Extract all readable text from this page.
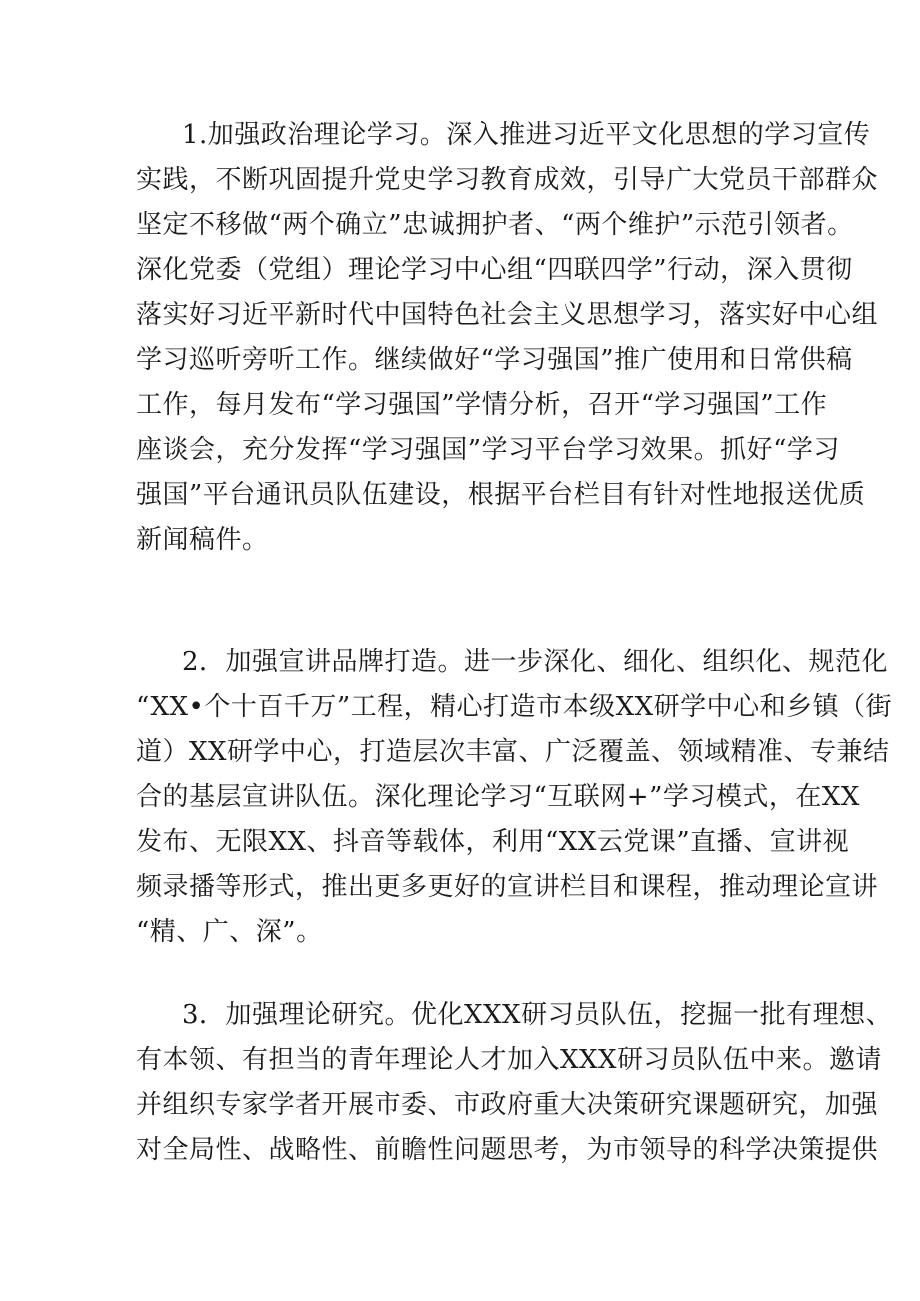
1.加强政治理论学习。深入推进习近平文化思想的学习宣传
实践，不断巩固提升党史学习教育成效，引导广大党员干部群众
坚定不移做“两个确立”忠诚拥护者、“两个维护”示范引领者。
深化党委（党组）理论学习中心组“四联四学”行动，深入贯彻
落实好习近平新时代中国特色社会主义思想学习，落实好中心组
学习巡听旁听工作。继续做好“学习强国”推广使用和日常供稿
工作，每月发布“学习强国”学情分析，召开“学习强国”工作
座谈会，充分发挥“学习强国”学习平台学习效果。抓好“学习
强国”平台通讯员队伍建设，根据平台栏目有针对性地报送优质
新闻稿件。
2．加强宣讲品牌打造。进一步深化、细化、组织化、规范化
“XX•个十百千万”工程，精心打造市本级XX研学中心和乡镇（街
道）XX研学中心，打造层次丰富、广泛覆盖、领域精准、专兼结
合的基层宣讲队伍。深化理论学习“互联网+”学习模式，在XX
发布、无限XX、抖音等载体，利用“XX云党课”直播、宣讲视
频录播等形式，推出更多更好的宣讲栏目和课程，推动理论宣讲
“精、广、深”。
3．加强理论研究。优化XXX研习员队伍，挖掘一批有理想、
有本领、有担当的青年理论人才加入XXX研习员队伍中来。邀请
并组织专家学者开展市委、市政府重大决策研究课题研究，加强
对全局性、战略性、前瞻性问题思考，为市领导的科学决策提供
